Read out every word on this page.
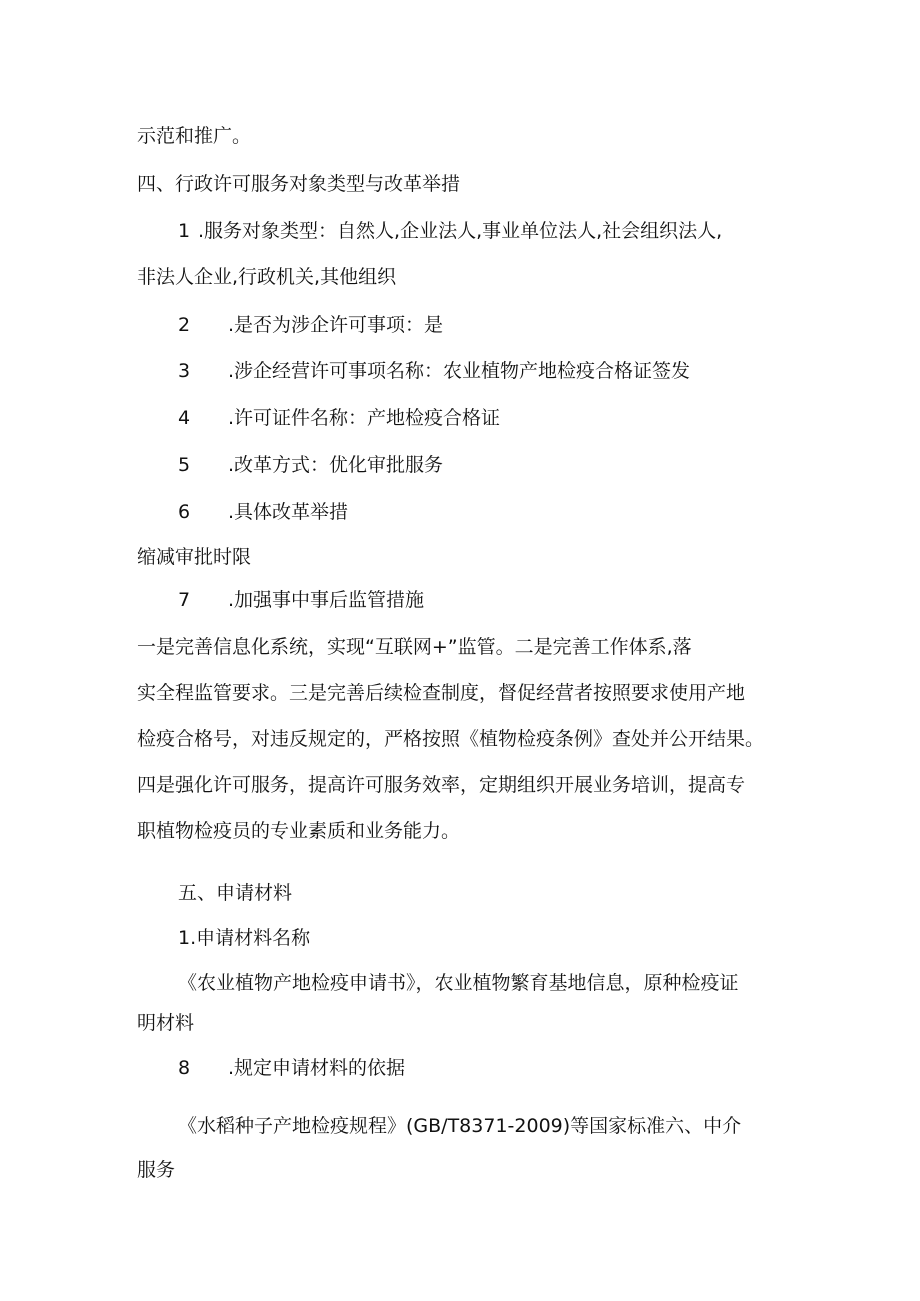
示范和推广。
四、行政许可服务对象类型与改革举措
1 .服务对象类型：自然人,企业法人,事业单位法人,社会组织法人,
非法人企业,行政机关,其他组织
2 .是否为涉企许可事项：是
3 .涉企经营许可事项名称：农业植物产地检疫合格证签发
4 .许可证件名称：产地检疫合格证
5 .改革方式：优化审批服务
6 .具体改革举措
缩减审批时限
7 .加强事中事后监管措施
一是完善信息化系统，实现“互联网+”监管。二是完善工作体系,落
实全程监管要求。三是完善后续检查制度，督促经营者按照要求使用产地
检疫合格号，对违反规定的，严格按照《植物检疫条例》查处并公开结果。
四是强化许可服务，提高许可服务效率，定期组织开展业务培训，提高专
职植物检疫员的专业素质和业务能力。
五、申请材料
1.申请材料名称
《农业植物产地检疫申请书》，农业植物繁育基地信息，原种检疫证
明材料
8 .规定申请材料的依据
《水稻种子产地检疫规程》(GB/T8371-2009)等国家标准六、中介
服务
